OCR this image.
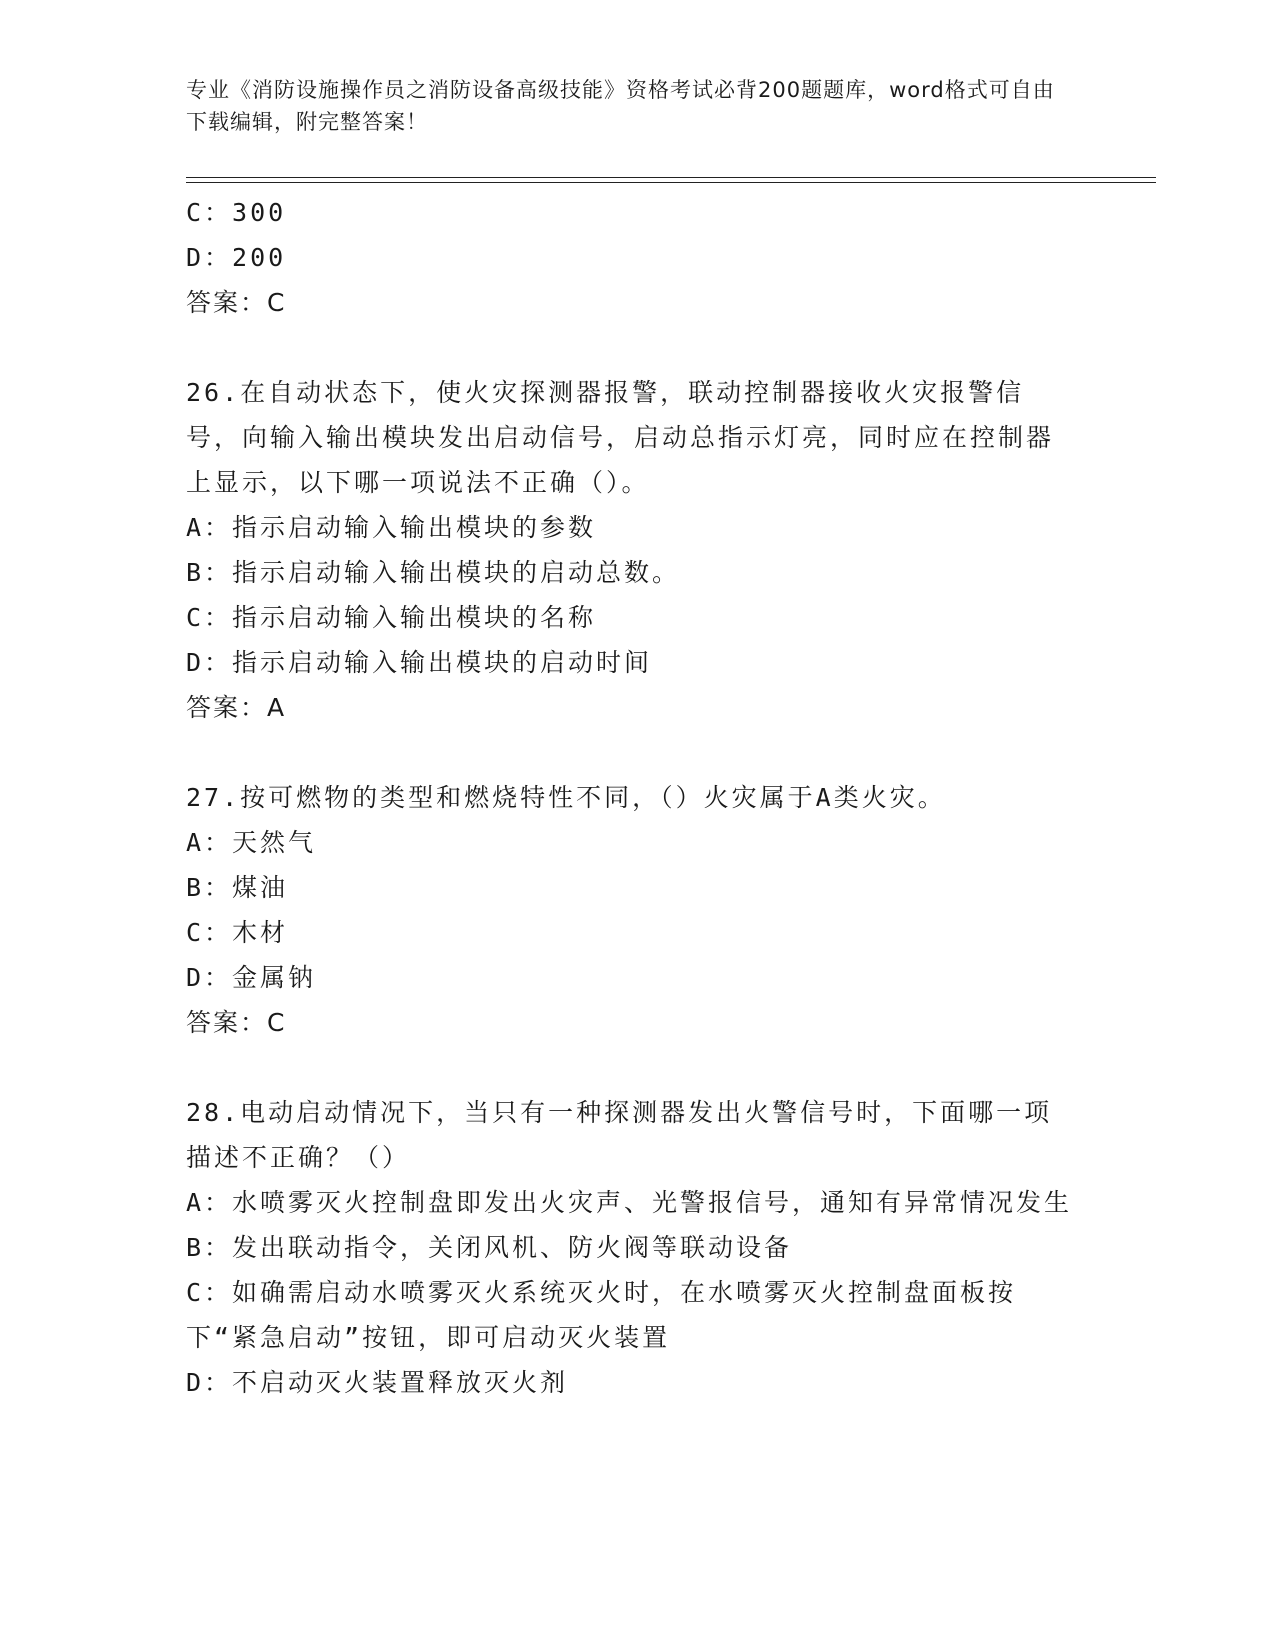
专业《消防设施操作员之消防设备高级技能》资格考试必背200题题库，word格式可自由下载编辑，附完整答案！
C：300
D：200
答案：C
26.在自动状态下，使火灾探测器报警，联动控制器接收火灾报警信号，向输入输出模块发出启动信号，启动总指示灯亮，同时应在控制器上显示，以下哪一项说法不正确（）。
A：指示启动输入输出模块的参数
B：指示启动输入输出模块的启动总数。
C：指示启动输入输出模块的名称
D：指示启动输入输出模块的启动时间
答案：A
27.按可燃物的类型和燃烧特性不同，（）火灾属于A类火灾。
A：天然气
B：煤油
C：木材
D：金属钠
答案：C
28.电动启动情况下，当只有一种探测器发出火警信号时，下面哪一项描述不正确？（）
A：水喷雾灭火控制盘即发出火灾声、光警报信号，通知有异常情况发生
B：发出联动指令，关闭风机、防火阀等联动设备
C：如确需启动水喷雾灭火系统灭火时，在水喷雾灭火控制盘面板按下“紧急启动”按钮，即可启动灭火装置
D：不启动灭火装置释放灭火剂
